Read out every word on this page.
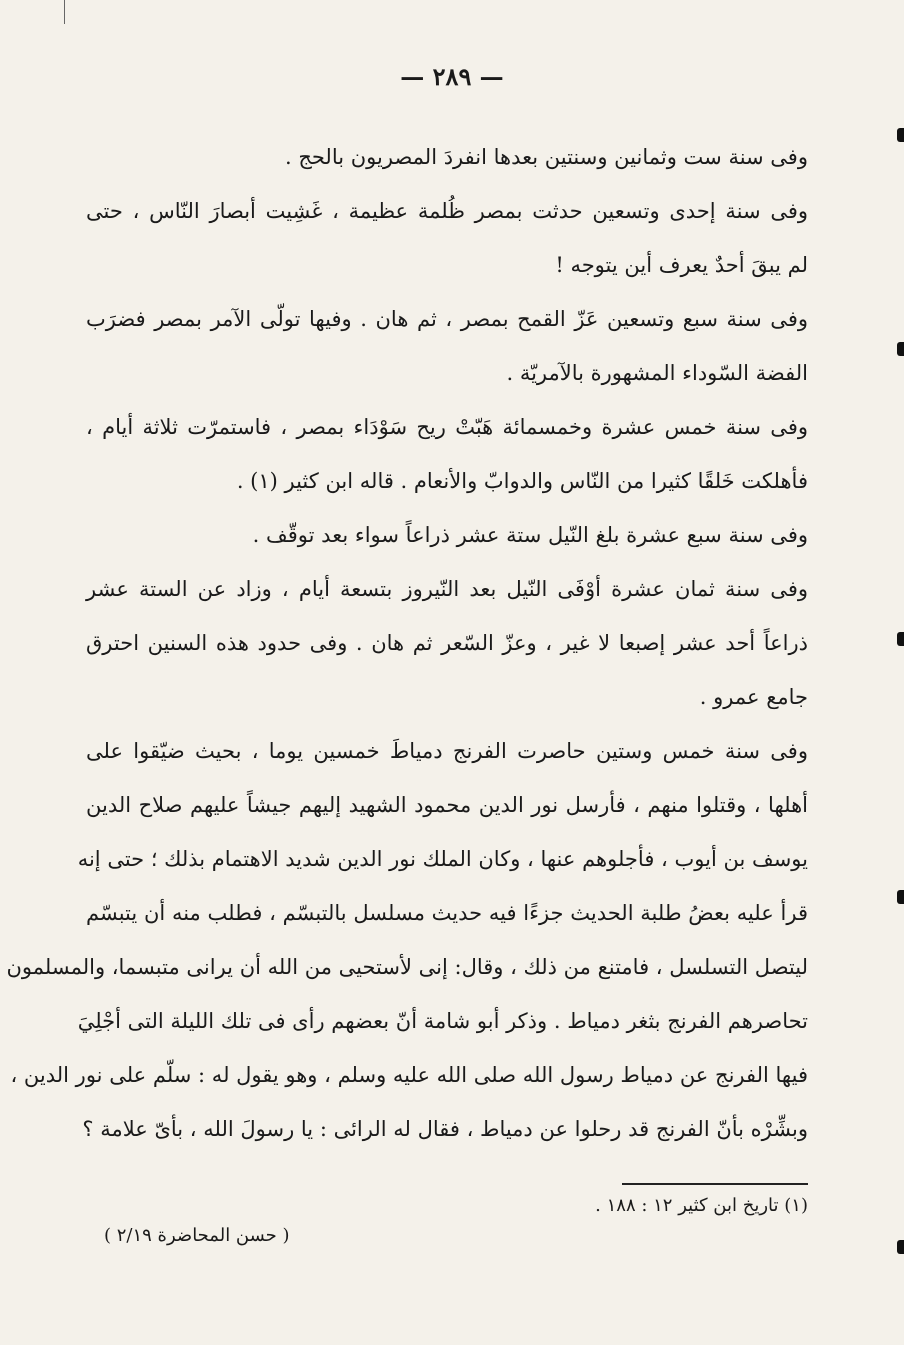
— ٢٨٩ —
وفى سنة ست وثمانين وسنتين بعدها انفردَ المصريون بالحج .
وفى سنة إحدى وتسعين حدثت بمصر ظُلمة عظيمة ، غَشِيت أبصارَ النّاس ، حتى
لم يبقَ أحدٌ يعرف أين يتوجه !
وفى سنة سبع وتسعين عَزّ القمح بمصر ، ثم هان . وفيها تولّى الآمر بمصر فضرَب
الفضة السّوداء المشهورة بالآمريّة .
وفى سنة خمس عشرة وخمسمائة هَبّتْ ريح سَوْدَاء بمصر ، فاستمرّت ثلاثة أيام ،
فأهلكت خَلقًا كثيرا من النّاس والدوابّ والأنعام . قاله ابن كثير (١) .
وفى سنة سبع عشرة بلغ النّيل ستة عشر ذراعاً سواء بعد توقّف .
وفى سنة ثمان عشرة أوْفَى النّيل بعد النّيروز بتسعة أيام ، وزاد عن الستة عشر
ذراعاً أحد عشر إصبعا لا غير ، وعزّ السّعر ثم هان . وفى حدود هذه السنين احترق
جامع عمرو .
وفى سنة خمس وستين حاصرت الفرنج دمياطَ خمسين يوما ، بحيث ضيّقوا على
أهلها ، وقتلوا منهم ، فأرسل نور الدين محمود الشهيد إليهم جيشاً عليهم صلاح الدين
يوسف بن أيوب ، فأجلوهم عنها ، وكان الملك نور الدين شديد الاهتمام بذلك ؛ حتى إنه
قرأ عليه بعضُ طلبة الحديث جزءًا فيه حديث مسلسل بالتبسّم ، فطلب منه أن يتبسّم
ليتصل التسلسل ، فامتنع من ذلك ، وقال: إنى لأستحيى من الله أن يرانى متبسما، والمسلمون
تحاصرهم الفرنج بثغر دمياط . وذكر أبو شامة أنّ بعضهم رأى فى تلك الليلة التى أجْلِيَ
فيها الفرنج عن دمياط رسول الله صلى الله عليه وسلم ، وهو يقول له : سلّم على نور الدين ،
وبشِّرْه بأنّ الفرنج قد رحلوا عن دمياط ، فقال له الرائى : يا رسولَ الله ، بأىّ علامة ؟
(١) تاريخ ابن كثير ١٢ : ١٨٨ .
( حسن المحاضرة ٢/١٩ )
